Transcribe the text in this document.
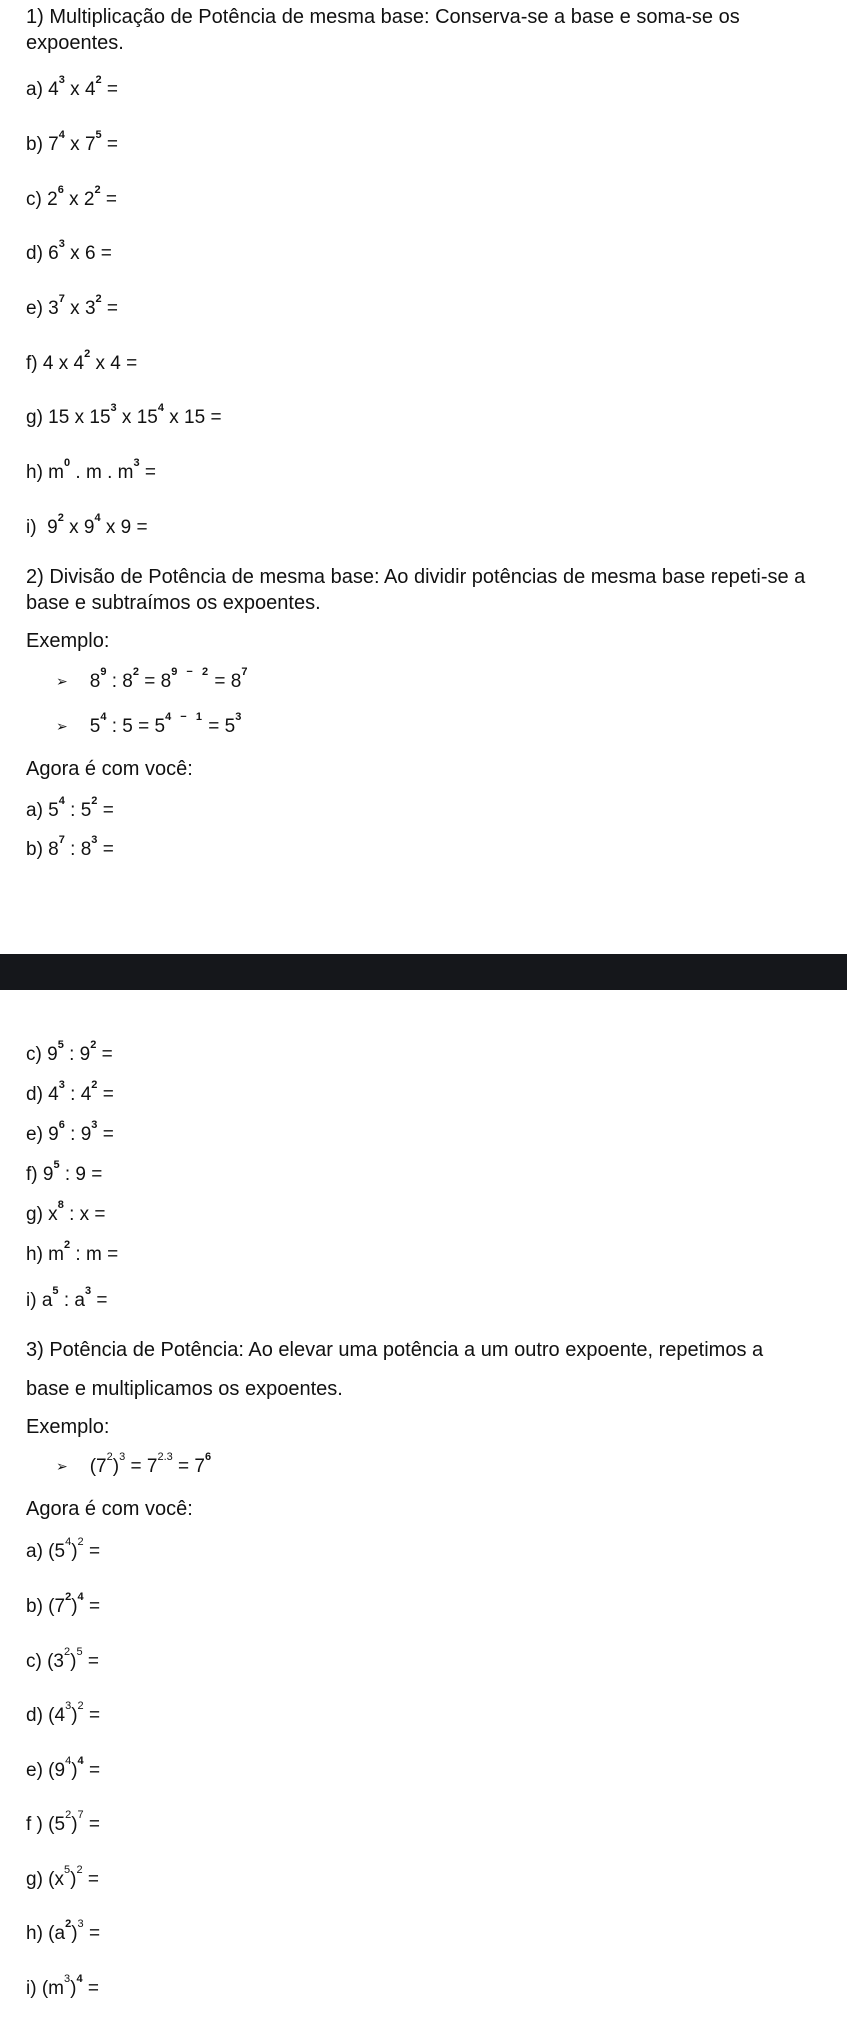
1) Multiplicação de Potência de mesma base: Conserva-se a base e soma-se os
expoentes.
a) $4^3$ x $4^2$ =
b) $7^4$ x $7^5$ =
c) $2^6$ x $2^2$ =
d) $6^3$ x 6 =
e) $3^7$ x $3^2$ =
f) 4 x $4^2$ x 4 =
g) 15 x $15^3$ x $15^4$ x 15 =
h) $m^0$ . m . $m^3$ =
i)  $9^2$ x $9^4$ x 9 =
2) Divisão de Potência de mesma base: Ao dividir potências de mesma base repeti-se a
base e subtraímos os expoentes.
Exemplo:
➢ $8^9$ : $8^2 = 8^{9 - 2} = 8^7$
➢ $5^4$ : $5 = 5^{4 - 1} = 5^3$
Agora é com você:
a) $5^4$ : $5^2$ =
b) $8^7$ : $8^3$ =
c) $9^5$ : $9^2$ =
d) $4^3$ : $4^2$ =
e) $9^6$ : $9^3$ =
f) $9^5$ : 9 =
g) $x^8$ : x =
h) $m^2$ : m =
i) $a^5$ : $a^3$ =
3) Potência de Potência: Ao elevar uma potência a um outro expoente, repetimos a
base e multiplicamos os expoentes.
Exemplo:
➢ $(7^2)^3 = 7^{2.3} = 7^6$
Agora é com você:
a) $(5^4)^2$ =
b) $(7^2)^4$ =
c) $(3^2)^5$ =
d) $(4^3)^2$ =
e) $(9^4)^4$ =
f ) $(5^2)^7$ =
g) $(x^5)^2$ =
h) $(a^2)^3$ =
i) $(m^3)^4$ =
